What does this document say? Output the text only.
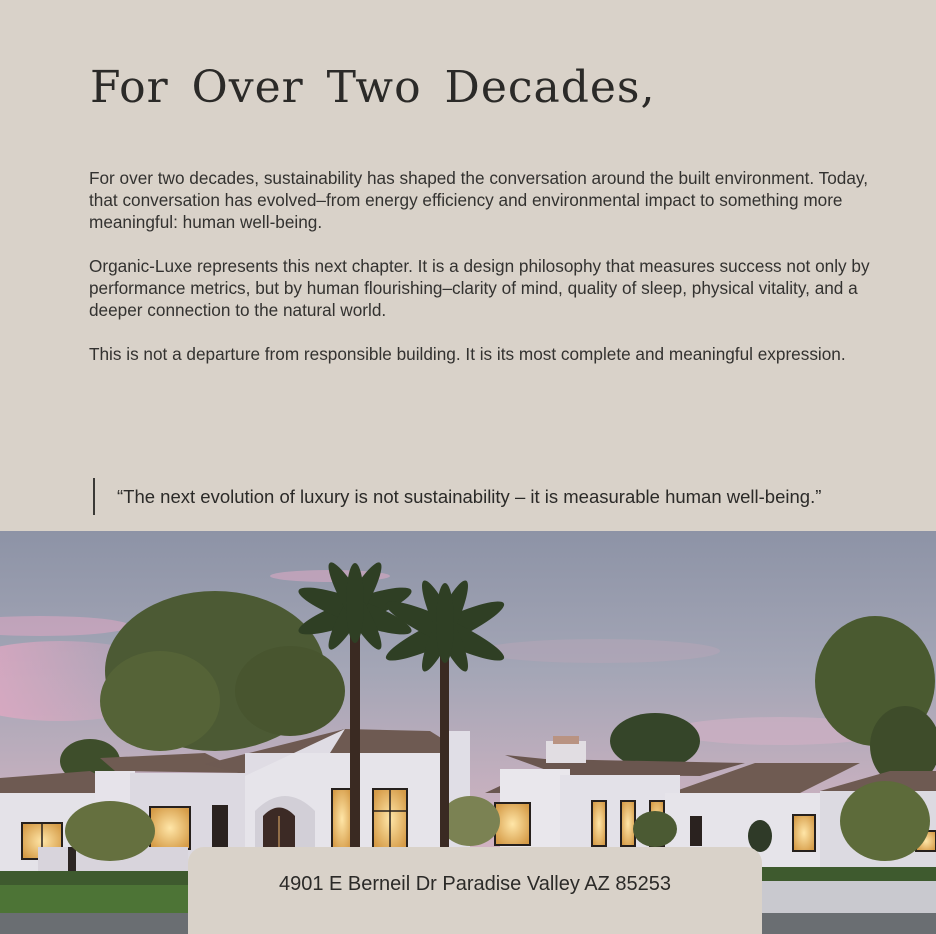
For Over Two Decades,

For over two decades, sustainability has shaped the conversation around the built environment. Today, that conversation has evolved–from energy efficiency and environmental impact to something more meaningful: human well-being.

Organic-Luxe represents this next chapter. It is a design philosophy that measures success not only by performance metrics, but by human flourishing–clarity of mind, quality of sleep, physical vitality, and a deeper connection to the natural world.

This is not a departure from responsible building. It is its most complete and meaningful expression.

“The next evolution of luxury is not sustainability – it is measurable human well-being.”
4901 E Berneil Dr Paradise Valley AZ 85253
